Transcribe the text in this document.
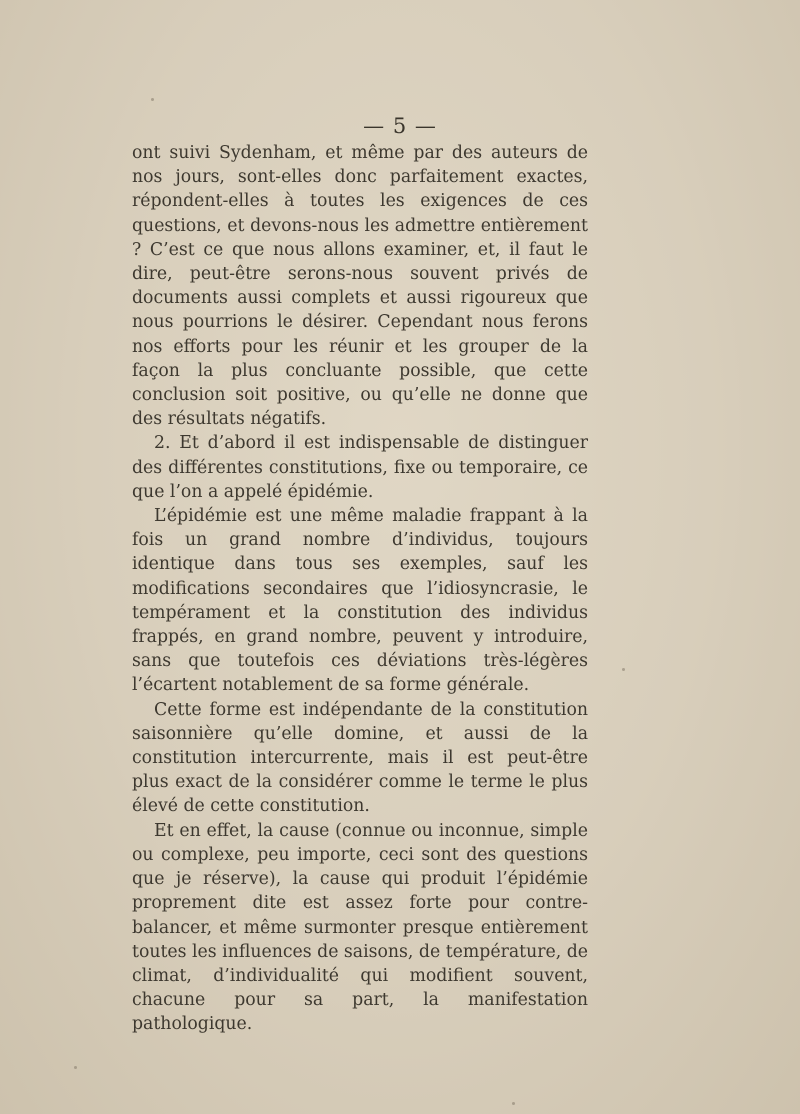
— 5 —

ont suivi Sydenham, et même par des auteurs de nos jours, sont-elles donc parfaitement exactes, répondent-elles à toutes les exigences de ces questions, et devons-nous les admettre entièrement ? C’est ce que nous allons examiner, et, il faut le dire, peut-être serons-nous souvent privés de documents aussi complets et aussi rigoureux que nous pourrions le désirer. Cependant nous ferons nos efforts pour les réunir et les grouper de la façon la plus concluante possible, que cette conclusion soit positive, ou qu’elle ne donne que des résultats négatifs.

2. Et d’abord il est indispensable de distinguer des différentes constitutions, fixe ou temporaire, ce que l’on a appelé épidémie.

L’épidémie est une même maladie frappant à la fois un grand nombre d’individus, toujours identique dans tous ses exemples, sauf les modifications secondaires que l’idiosyncrasie, le tempérament et la constitution des individus frappés, en grand nombre, peuvent y introduire, sans que toutefois ces déviations très-légères l’écartent notablement de sa forme générale.

Cette forme est indépendante de la constitution saisonnière qu’elle domine, et aussi de la constitution intercurrente, mais il est peut-être plus exact de la considérer comme le terme le plus élevé de cette constitution.

Et en effet, la cause (connue ou inconnue, simple ou complexe, peu importe, ceci sont des questions que je réserve), la cause qui produit l’épidémie proprement dite est assez forte pour contre-balancer, et même surmonter presque entièrement toutes les influences de saisons, de température, de climat, d’individualité qui modifient souvent, chacune pour sa part, la manifestation pathologique.
